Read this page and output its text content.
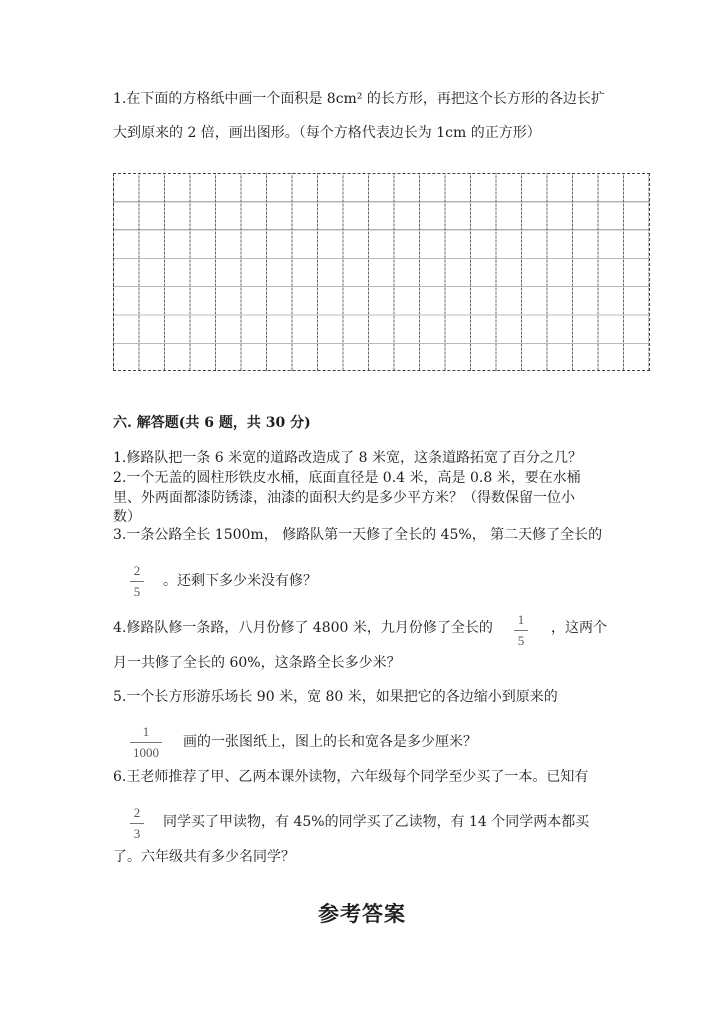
1.在下面的方格纸中画一个面积是 8cm² 的长方形，再把这个长方形的各边长扩
大到原来的 2 倍，画出图形。（每个方格代表边长为 1cm 的正方形）
六. 解答题(共 6 题，共 30 分)
1.修路队把一条 6 米宽的道路改造成了 8 米宽，这条道路拓宽了百分之几？
2.一个无盖的圆柱形铁皮水桶，底面直径是 0.4 米，高是 0.8 米，要在水桶
里、外两面都漆防锈漆，油漆的面积大约是多少平方米？（得数保留一位小
数）
3.一条公路全长 1500m， 修路队第一天修了全长的 45%， 第二天修了全长的
2
5
。还剩下多少米没有修？
4.修路队修一条路，八月份修了 4800 米，九月份修了全长的
1
5
，这两个
月一共修了全长的 60%，这条路全长多少米？
5.一个长方形游乐场长 90 米，宽 80 米，如果把它的各边缩小到原来的
1
1000
画的一张图纸上，图上的长和宽各是多少厘米？
6.王老师推荐了甲、乙两本课外读物，六年级每个同学至少买了一本。已知有
2
3
同学买了甲读物，有 45%的同学买了乙读物，有 14 个同学两本都买
了。六年级共有多少名同学？
参考答案
